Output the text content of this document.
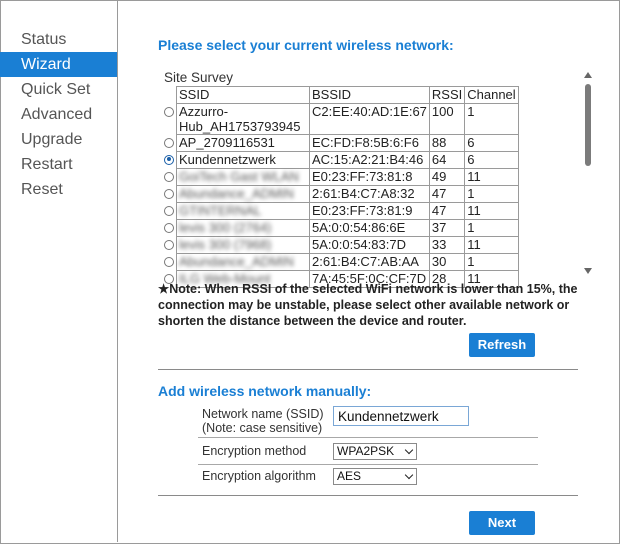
Status
Wizard
Quick Set
Advanced
Upgrade
Restart
Reset
Please select your current wireless network:
Site Survey
	SSID	BSSID	RSSI	Channel
	Azzurro-
Hub_AH1753793945	C2:EE:40:AD:1E:67	100	1
	AP_2709116531	EC:FD:F8:5B:6:F6	88	6
	Kundennetzwerk	AC:15:A2:21:B4:46	64	6
	GoiTech Gast WLAN	E0:23:FF:73:81:8	49	11
	Abundance_ADMIN	2:61:B4:C7:A8:32	47	1
	GTINTERNAL	E0:23:FF:73:81:9	47	11
	levis 300 (2764)	5A:0:0:54:86:6E	37	1
	levis 300 (7968)	5A:0:0:54:83:7D	33	11
	Abundance_ADMIN	2:61:B4:C7:AB:AA	30	1
	ILG Web-Mount	7A:45:5F:0C:CF:7D	28	11
★Note: When RSSI of the selected WiFi network is lower than 15%, the connection may be unstable, please select other available network or shorten the distance between the device and router.
Refresh
Add wireless network manually:
Network name (SSID)
(Note: case sensitive)
Kundennetzwerk
Encryption method	WPA2PSK
Encryption algorithm	AES
Next
